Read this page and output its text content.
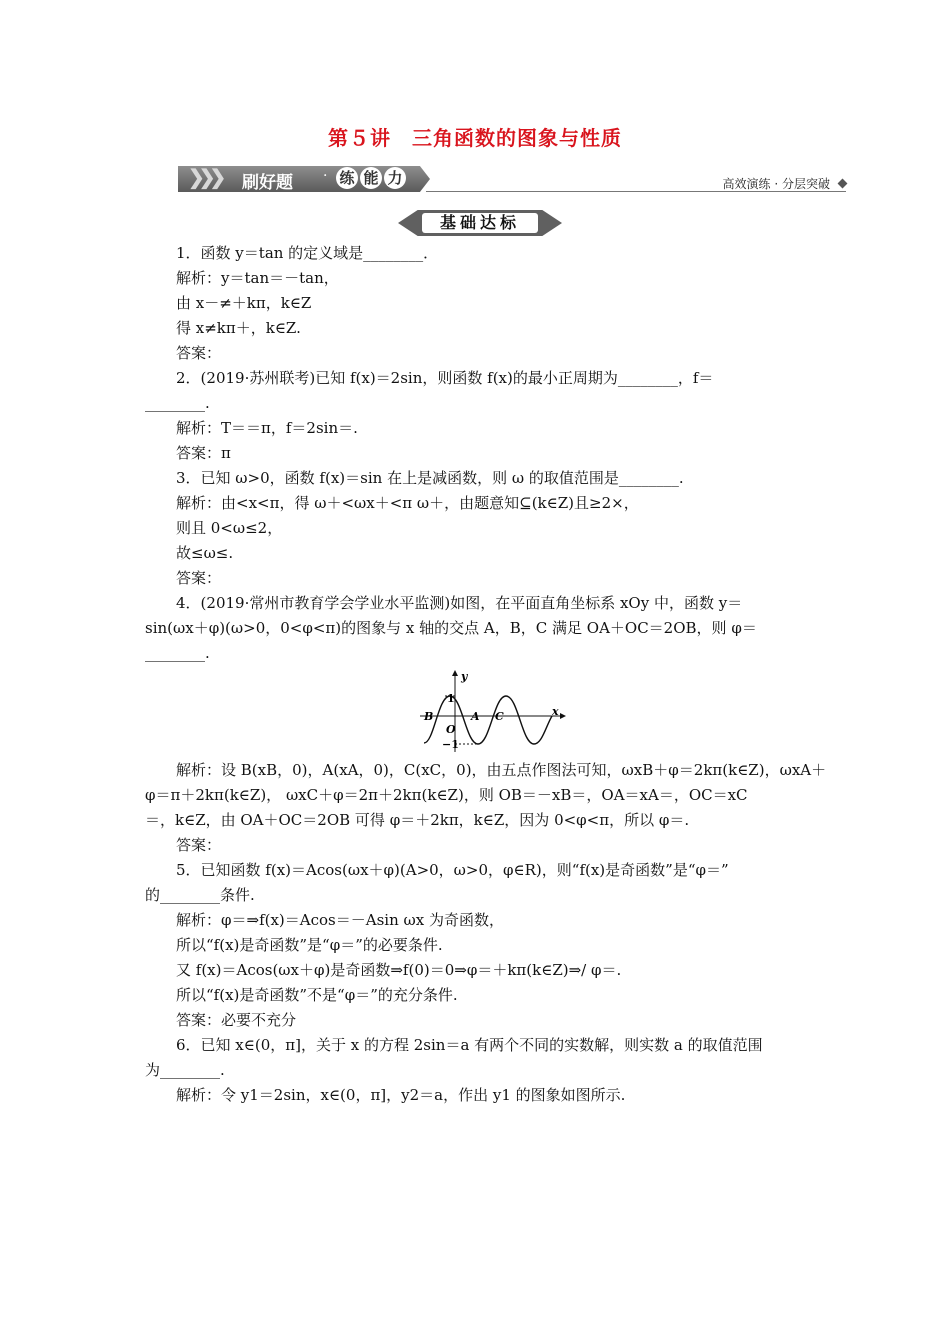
第５讲　三角函数的图象与性质
❯❯❯ 刷好题 · 练 能 力	高效演练 · 分层突破
基础达标
1．函数 y＝tan 的定义域是________．
解析：y＝tan＝－tan，
由 x－≠＋kπ，k∈Z
得 x≠kπ＋，k∈Z.
答案：
2．(2019·苏州联考)已知 f(x)＝2sin，则函数 f(x)的最小正周期为________，f＝
________.
解析：T＝＝π，f＝2sin＝.
答案：π
3．已知 ω>0，函数 f(x)＝sin 在上是减函数，则 ω 的取值范围是________.
解析：由<x<π，得 ω＋<ωx＋<π ω＋，由题意知⊆(k∈Z)且≥2×，
则且 0<ω≤2，
故≤ω≤.
答案：
4．(2019·常州市教育学会学业水平监测)如图，在平面直角坐标系 xOy 中，函数 y＝
sin(ωx＋φ)(ω>0，0<φ<π)的图象与 x 轴的交点 A，B，C 满足 OA＋OC＝2OB，则 φ＝
________.
y
x
1
−1
O
A
B	C
解析：设 B(xB，0)，A(xA，0)，C(xC，0)，由五点作图法可知，ωxB＋φ＝2kπ(k∈Z)，ωxA＋
φ＝π＋2kπ(k∈Z)， ωxC＋φ＝2π＋2kπ(k∈Z)，则 OB＝－xB＝，OA＝xA＝，OC＝xC
＝，k∈Z，由 OA＋OC＝2OB 可得 φ＝＋2kπ，k∈Z，因为 0<φ<π，所以 φ＝.
答案：
5．已知函数 f(x)＝Acos(ωx＋φ)(A>0，ω>0，φ∈R)，则“f(x)是奇函数”是“φ＝”
的________条件.
解析：φ＝⇒f(x)＝Acos＝－Asin ωx 为奇函数，
所以“f(x)是奇函数”是“φ＝”的必要条件.
又 f(x)＝Acos(ωx＋φ)是奇函数⇒f(0)＝0⇒φ＝＋kπ(k∈Z)⇒/ φ＝.
所以“f(x)是奇函数”不是“φ＝”的充分条件.
答案：必要不充分
6．已知 x∈(0，π]，关于 x 的方程 2sin＝a 有两个不同的实数解，则实数 a 的取值范围
为________.
解析：令 y1＝2sin，x∈(0，π]，y2＝a，作出 y1 的图象如图所示.
